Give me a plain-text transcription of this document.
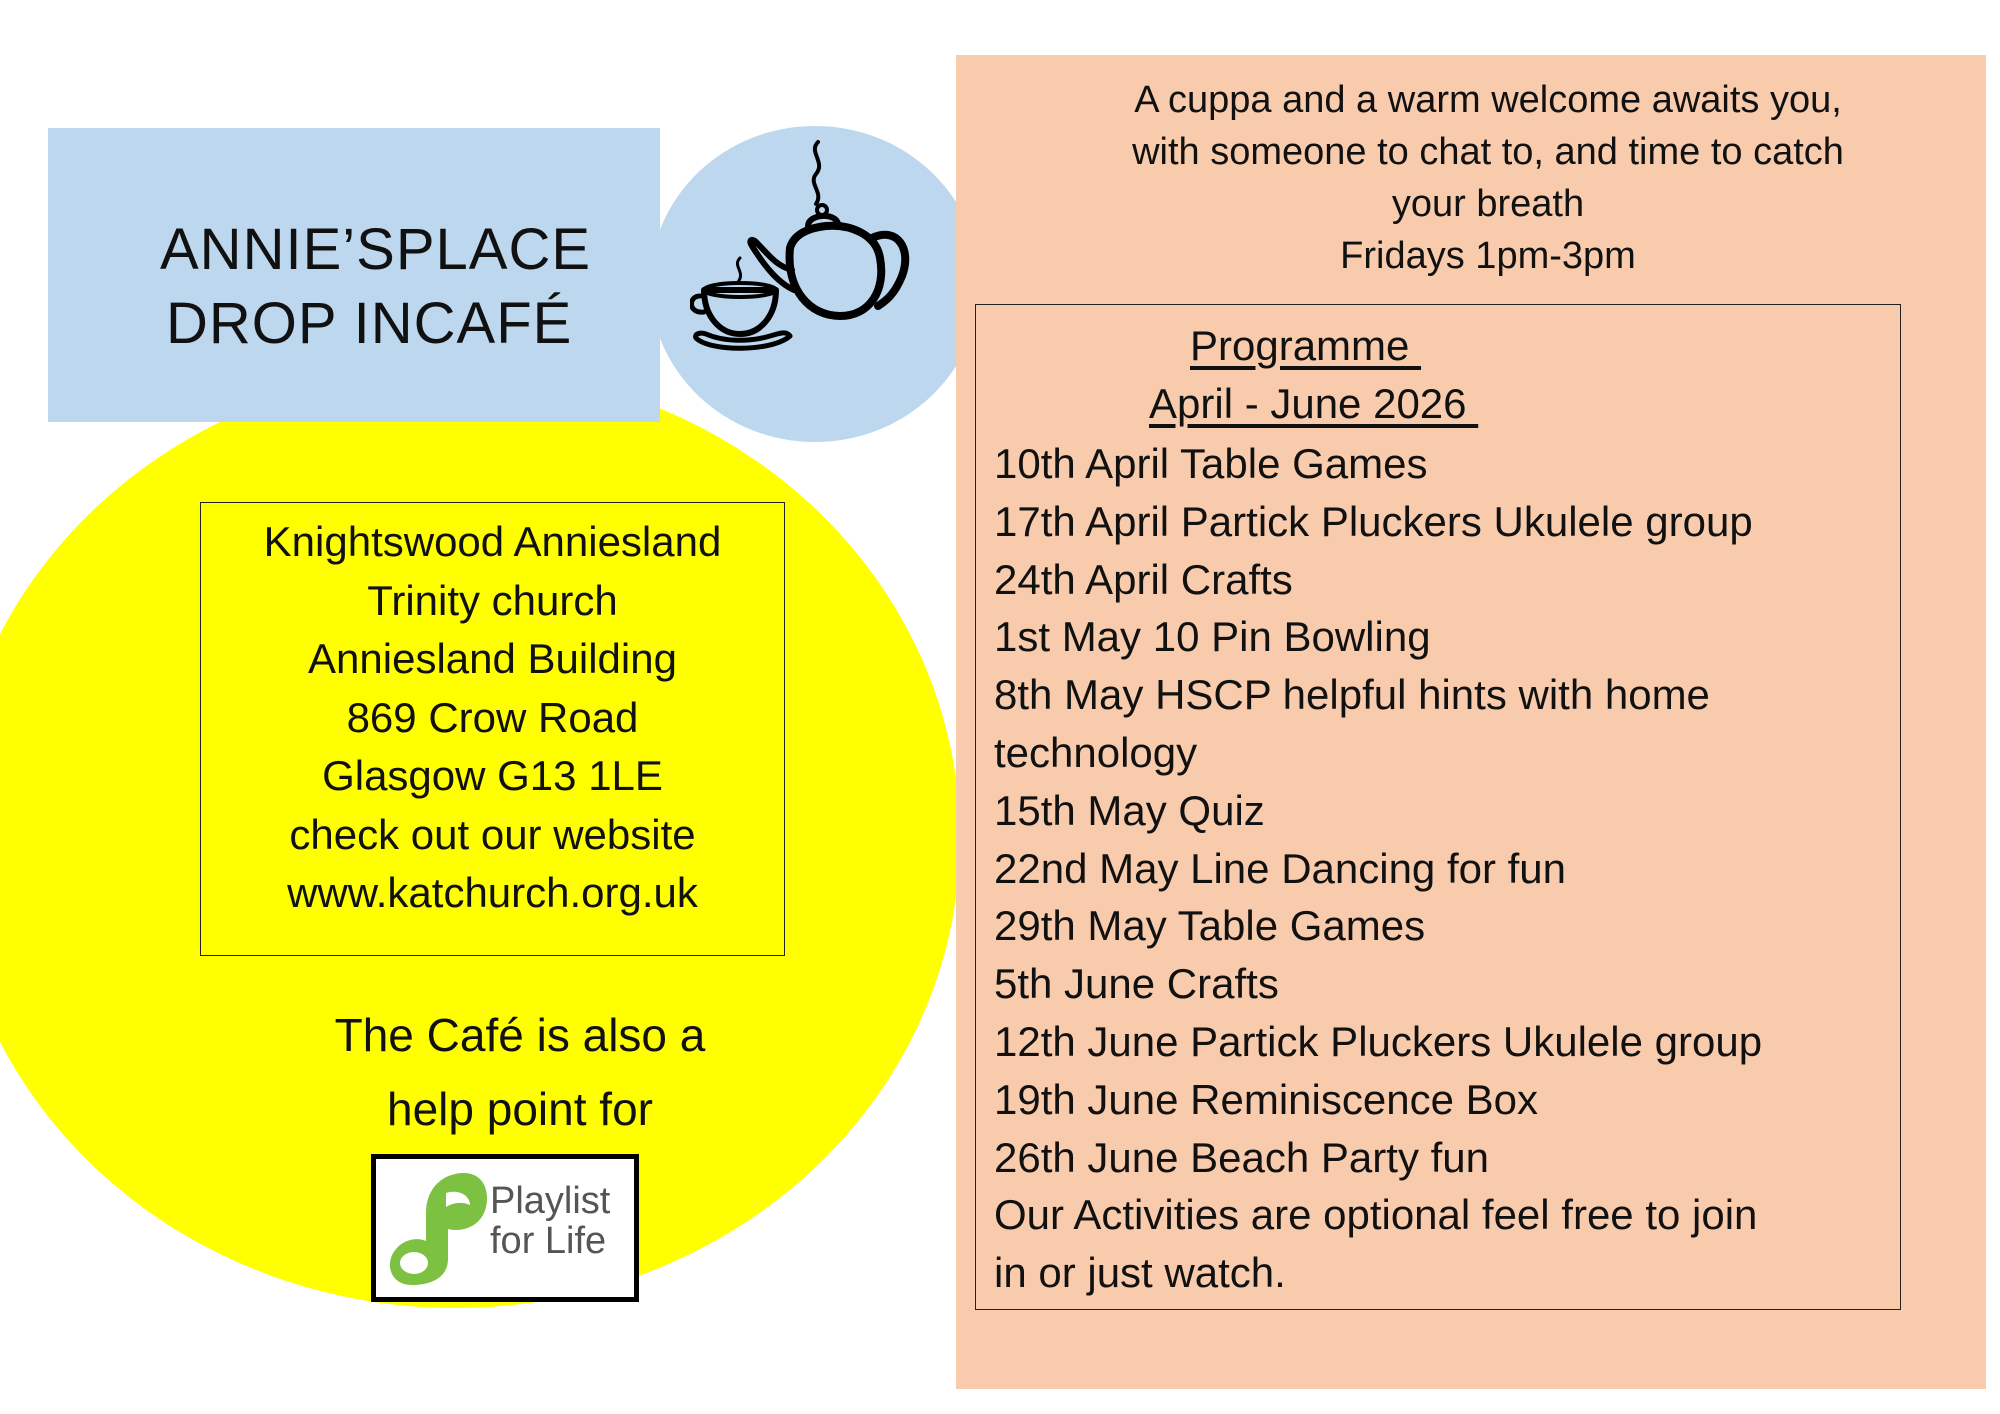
ANNIE’SPLACE
DROP INCAFÉ
Knightswood Anniesland
Trinity church
Anniesland Building
869 Crow Road
Glasgow G13 1LE
check out our website
www.katchurch.org.uk
The Café is also a
help point for
Playlist
for Life
A cuppa and a warm welcome awaits you,
with someone to chat to, and time to catch
your breath
Fridays 1pm-3pm
Programme
April - June 2026
10th April Table Games
17th April Partick Pluckers Ukulele group
24th April Crafts
1st May 10 Pin Bowling
8th May HSCP helpful hints with home
technology
15th May Quiz
22nd May Line Dancing for fun
29th May Table Games
5th June Crafts
12th June Partick Pluckers Ukulele group
19th June Reminiscence Box
26th June Beach Party fun
Our Activities are optional feel free to join
in or just watch.
